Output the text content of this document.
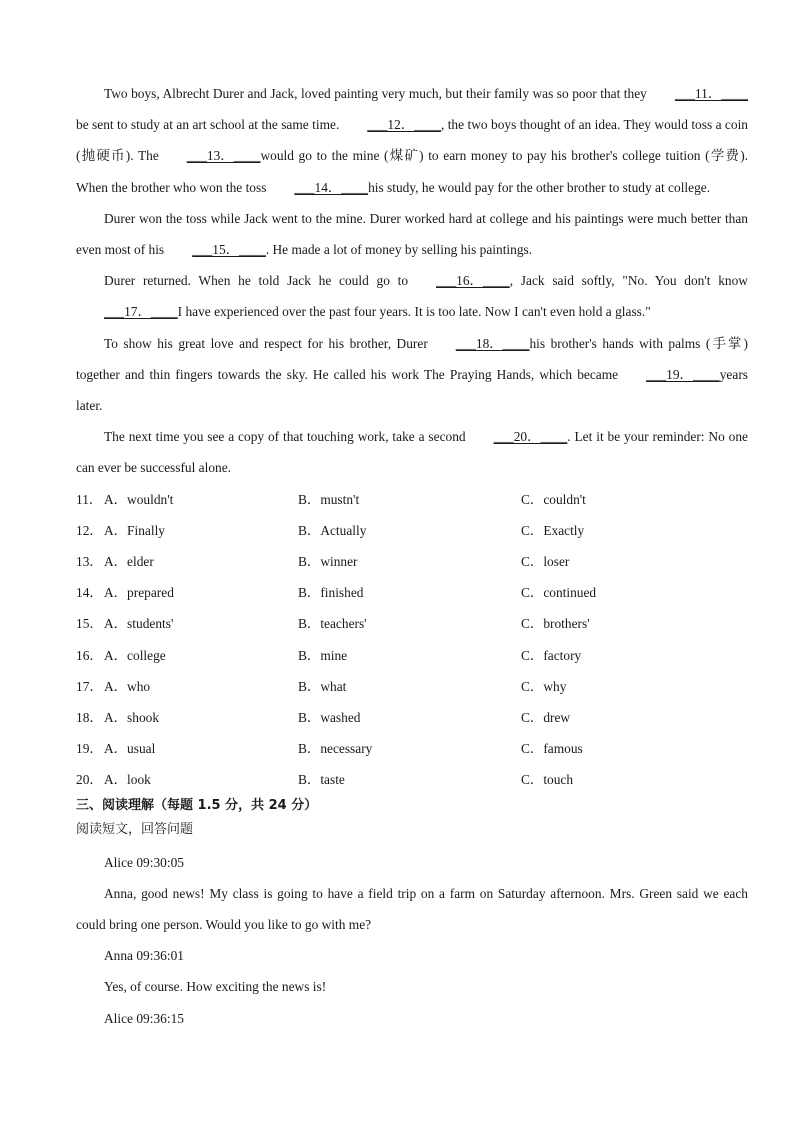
Two boys, Albrecht Durer and Jack, loved painting very much, but their family was so poor that they ___11．____be sent to study at an art school at the same time. ___12．____, the two boys thought of an idea. They would toss a coin (抛硬币). The ___13．____would go to the mine (煤矿) to earn money to pay his brother's college tuition (学费). When the brother who won the toss ___14．____his study, he would pay for the other brother to study at college.

Durer won the toss while Jack went to the mine. Durer worked hard at college and his paintings were much better than even most of his ___15．____. He made a lot of money by selling his paintings.

Durer returned. When he told Jack he could go to ___16．____, Jack said softly, "No. You don't know___17．____I have experienced over the past four years. It is too late. Now I can't even hold a glass."

To show his great love and respect for his brother, Durer ___18．____his brother's hands with palms (手掌) together and thin fingers towards the sky. He called his work The Praying Hands, which became ___19．____years later.

The next time you see a copy of that touching work, take a second ___20．____. Let it be your reminder: No one can ever be successful alone.

11． A．wouldn't	B．mustn't	C．couldn't
12． A．Finally	B．Actually	C．Exactly
13． A．elder	B．winner	C．loser
14． A．prepared	B．finished	C．continued
15． A．students'	B．teachers'	C．brothers'
16． A．college	B．mine	C．factory
17． A．who	B．what	C．why
18． A．shook	B．washed	C．drew
19． A．usual	B．necessary	C．famous
20． A．look	B．taste	C．touch
三、阅读理解（每题 1.5 分，共 24 分）
阅读短文，回答问题

Alice 09:30:05

Anna, good news! My class is going to have a field trip on a farm on Saturday afternoon. Mrs. Green said we each could bring one person. Would you like to go with me?

Anna 09:36:01

Yes, of course. How exciting the news is!

Alice 09:36:15
